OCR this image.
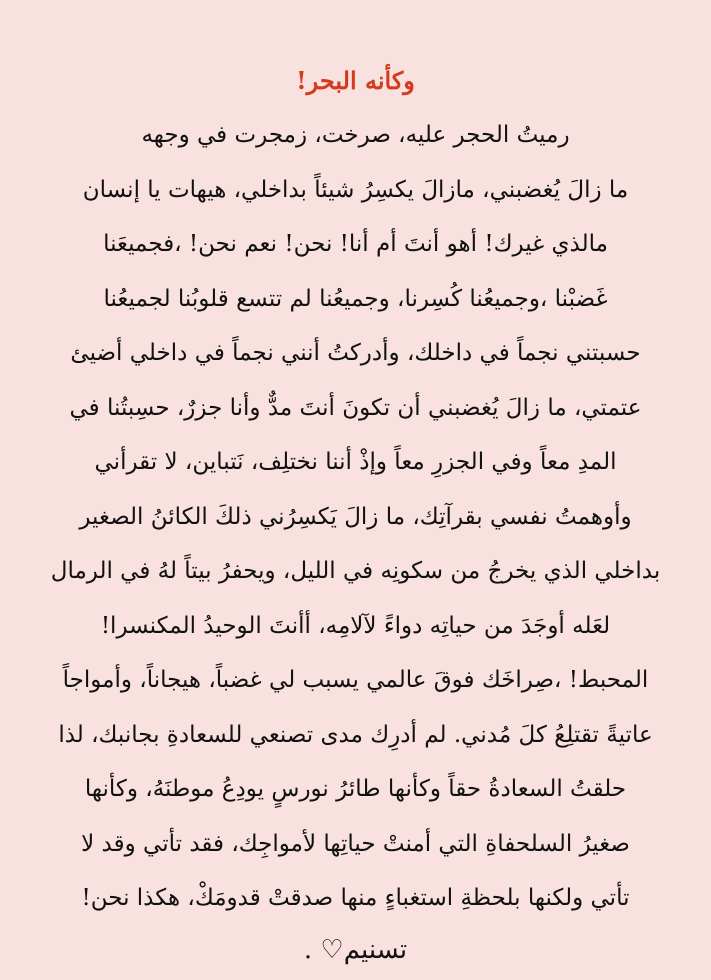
وكأنه البحر!

رميتُ الحجر عليه، صرخت، زمجرت في وجهه

ما زالَ يُغضبني، مازالَ يكسِرُ شيئاً بداخلي، هيهات يا إنسان

مالذي غيرك! أهو أنتَ أم أنا! نحن! نعم نحن! ،فجميعَنا

غَضبْنا ،وجميعُنا كُسِرنا، وجميعُنا لم تتسع قلوبُنا لجميعُنا

حسبتني نجماً في داخلك، وأدركتُ أنني نجماً في داخلي أضيئ

عتمتي، ما زالَ يُغضبني أن تكونَ أنتَ مدٌّ وأنا جزرٌ، حسِبتُنا في

المدِ معاً وفي الجزرِ معاً وإذْ أننا نختلِف، نَتباين، لا تقرأني

وأوهمتُ نفسي بقرآتِك، ما زالَ يَكسِرُني ذلكَ الكائنُ الصغير

بداخلي الذي يخرجُ من سكونِه في الليل، ويحفرُ بيتاً لهُ في الرمال

لعَله أوجَدَ من حياتِه دواءً لآلامِه، أأنتَ الوحيدُ المكنسرا!

المحبط! ،صِراخَك فوقَ عالمي يسبب لي غضباً، هيجاناً، وأمواجاً

عاتيةً تقتلِعُ كلَ مُدني. لم أدرِك مدى تصنعي للسعادةِ بجانبك، لذا

حلقتُ السعادةُ حقاً وكأنها طائرُ نورسٍ يودِعُ موطنَهُ، وكأنها

صغيرُ السلحفاةِ التي أمنتْ حياتِها لأمواجِك، فقد تأتي وقد لا

تأتي ولكنها بلحظةِ استغباءٍ منها صدقتْ قدومَكْ، هكذا نحن!

تسنيم♡ .
